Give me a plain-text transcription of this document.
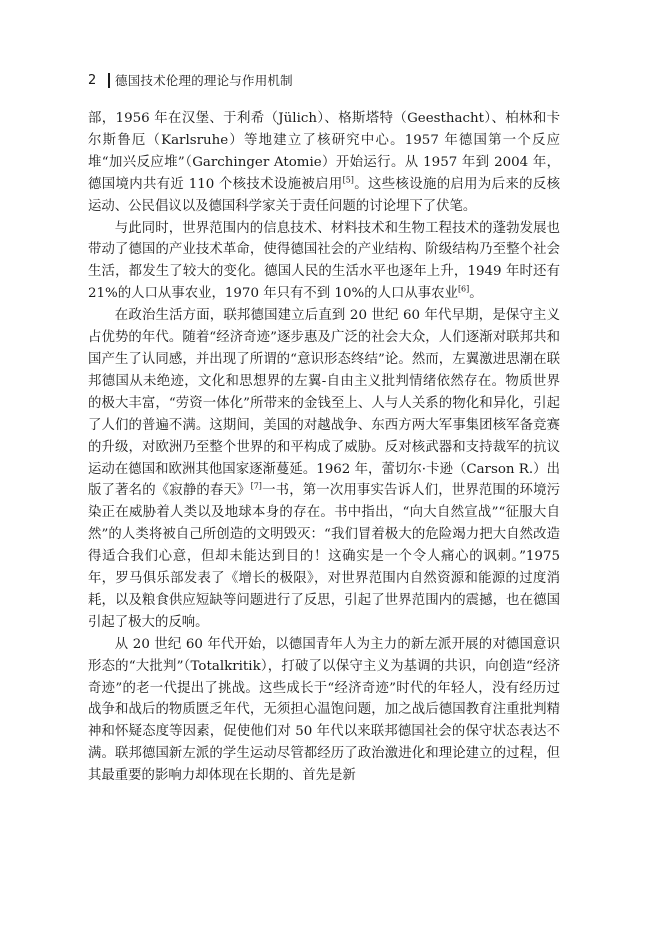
2	德国技术伦理的理论与作用机制

部，1956 年在汉堡、于利希（Jülich）、格斯塔特（Geesthacht）、柏林和卡尔斯鲁厄（Karlsruhe）等地建立了核研究中心。1957 年德国第一个反应堆“加兴反应堆”（Garchinger Atomie）开始运行。从 1957 年到 2004 年，德国境内共有近 110 个核技术设施被启用[5]。这些核设施的启用为后来的反核运动、公民倡议以及德国科学家关于责任问题的讨论埋下了伏笔。

与此同时，世界范围内的信息技术、材料技术和生物工程技术的蓬勃发展也带动了德国的产业技术革命，使得德国社会的产业结构、阶级结构乃至整个社会生活，都发生了较大的变化。德国人民的生活水平也逐年上升，1949 年时还有 21%的人口从事农业，1970 年只有不到 10%的人口从事农业[6]。

在政治生活方面，联邦德国建立后直到 20 世纪 60 年代早期，是保守主义占优势的年代。随着“经济奇迹”逐步惠及广泛的社会大众，人们逐渐对联邦共和国产生了认同感，并出现了所谓的“意识形态终结”论。然而，左翼激进思潮在联邦德国从未绝迹，文化和思想界的左翼-自由主义批判情绪依然存在。物质世界的极大丰富，“劳资一体化”所带来的金钱至上、人与人关系的物化和异化，引起了人们的普遍不满。这期间，美国的对越战争、东西方两大军事集团核军备竞赛的升级，对欧洲乃至整个世界的和平构成了威胁。反对核武器和支持裁军的抗议运动在德国和欧洲其他国家逐渐蔓延。1962 年，蕾切尔·卡逊（Carson R.）出版了著名的《寂静的春天》[7]一书，第一次用事实告诉人们，世界范围的环境污染正在威胁着人类以及地球本身的存在。书中指出，“向大自然宣战”“征服大自然”的人类将被自己所创造的文明毁灭：“我们冒着极大的危险竭力把大自然改造得适合我们心意，但却未能达到目的！这确实是一个令人痛心的讽刺。”1975 年，罗马俱乐部发表了《增长的极限》，对世界范围内自然资源和能源的过度消耗，以及粮食供应短缺等问题进行了反思，引起了世界范围内的震撼，也在德国引起了极大的反响。

从 20 世纪 60 年代开始，以德国青年人为主力的新左派开展的对德国意识形态的“大批判”（Totalkritik），打破了以保守主义为基调的共识，向创造“经济奇迹”的老一代提出了挑战。这些成长于“经济奇迹”时代的年轻人，没有经历过战争和战后的物质匮乏年代，无须担心温饱问题，加之战后德国教育注重批判精神和怀疑态度等因素，促使他们对 50 年代以来联邦德国社会的保守状态表达不满。联邦德国新左派的学生运动尽管都经历了政治激进化和理论建立的过程，但其最重要的影响力却体现在长期的、首先是新
